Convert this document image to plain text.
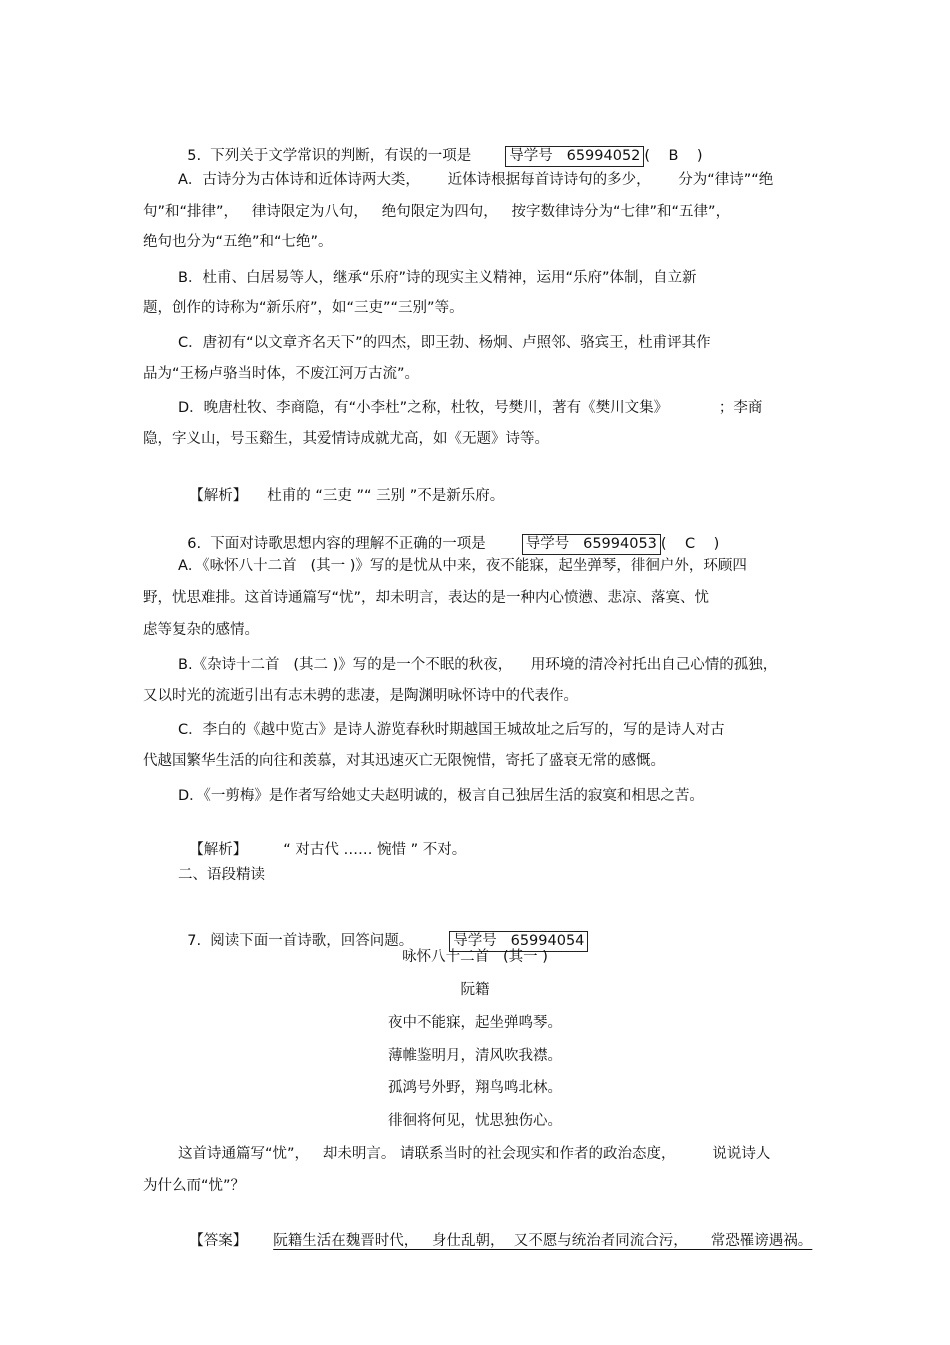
5.  下列关于文学常识的判断，有误的一项是	导学号   65994052 (    B    )

A．古诗分为古体诗和近体诗两大类，      近体诗根据每首诗诗句的多少，      分为“律诗”“绝
句”和“排律”，   律诗限定为八句，   绝句限定为四句，   按字数律诗分为“七律”和“五律”，
绝句也分为“五绝”和“七绝”。
B．杜甫、白居易等人，继承“乐府”诗的现实主义精神，运用“乐府”体制，自立新
题，创作的诗称为“新乐府”，如“三吏”“三别”等。
C．唐初有“以文章齐名天下”的四杰，即王勃、杨炯、卢照邻、骆宾王，杜甫评其作
品为“王杨卢骆当时体，不废江河万古流”。
D．晚唐杜牧、李商隐，有“小李杜”之称，杜牧，号樊川，著有《樊川文集》           ；李商
隐，字义山，号玉谿生，其爱情诗成就尤高，如《无题》诗等。

【解析】 杜甫的 “三吏 ”“ 三别 ”不是新乐府。

6.  下面对诗歌思想内容的理解不正确的一项是	导学号   65994053 (    C    )

A．《咏怀八十二首   (其一 )》写的是忧从中来，夜不能寐，起坐弹琴，徘徊户外，环顾四
野，忧思难排。这首诗通篇写“忧”，却未明言，表达的是一种内心愤懑、悲凉、落寞、忧
虑等复杂的感情。
B.《杂诗十二首   (其二 )》写的是一个不眠的秋夜，    用环境的清冷衬托出自己心情的孤独，
又以时光的流逝引出有志未骋的悲凄，是陶渊明咏怀诗中的代表作。
C．李白的《越中览古》是诗人游览春秋时期越国王城故址之后写的，写的是诗人对古
代越国繁华生活的向往和羡慕，对其迅速灭亡无限惋惜，寄托了盛衰无常的感慨。
D．《一剪梅》是作者写给她丈夫赵明诚的，极言自己独居生活的寂寞和相思之苦。

【解析】 “ 对古代 …… 惋惜 ” 不对。

二、语段精读

7.  阅读下面一首诗歌，回答问题。	导学号   65994054

咏怀八十二首   (其一 )
阮籍
夜中不能寐，起坐弹鸣琴。
薄帷鉴明月，清风吹我襟。
孤鸿号外野，翔鸟鸣北林。
徘徊将何见，忧思独伤心。
这首诗通篇写“忧”，   却未明言。 请联系当时的社会现实和作者的政治态度，        说说诗人
为什么而“忧”？

【答案】 阮籍生活在魏晋时代，   身仕乱朝，  又不愿与统治者同流合污，     常恐罹谤遇祸。
